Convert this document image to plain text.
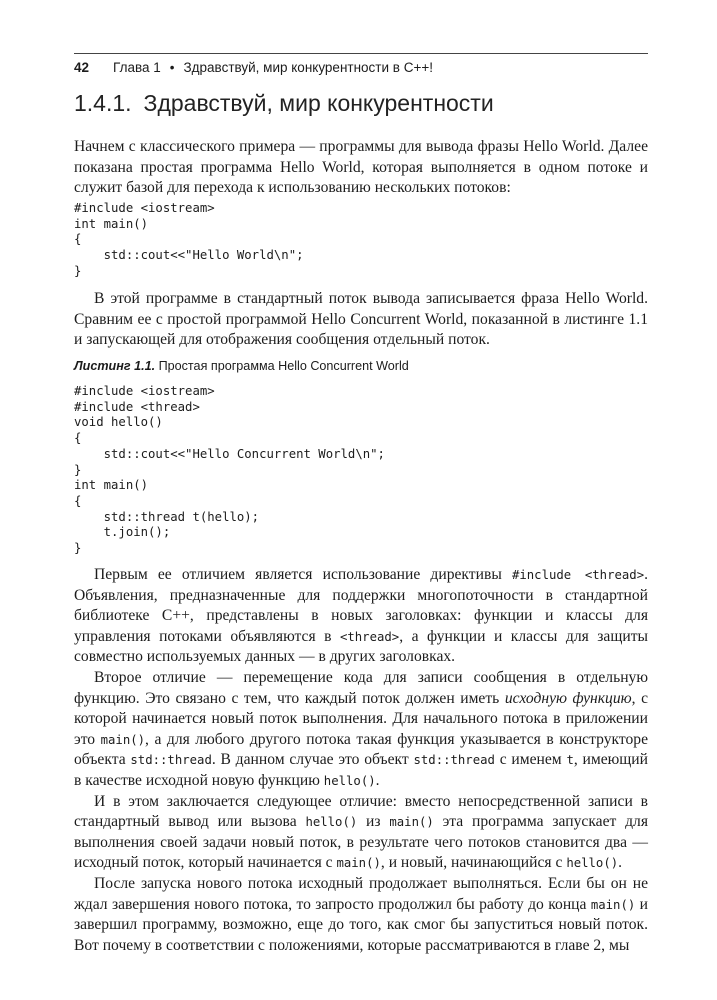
42 Глава 1 • Здравствуй, мир конкурентности в С++!
1.4.1. Здравствуй, мир конкурентности

Начнем с классического примера — программы для вывода фразы Hello World. Далее показана простая программа Hello World, которая выполняется в одном потоке и служит базой для перехода к использованию нескольких потоков:

#include <iostream>
int main()
{
std::cout<<"Hello World\n";
}

В этой программе в стандартный поток вывода записывается фраза Hello World. Сравним ее с простой программой Hello Concurrent World, показанной в листинге 1.1 и запускающей для отображения сообщения отдельный поток.

Листинг 1.1. Простая программа Hello Concurrent World
#include <iostream>
#include <thread>
void hello()
{
std::cout<<"Hello Concurrent World\n";
}
int main()
{
std::thread t(hello);
t.join();
}

Первым ее отличием является использование директивы #include <thread>. Объявления, предназначенные для поддержки многопоточности в стандартной библиотеке C++, представлены в новых заголовках: функции и классы для управления потоками объявляются в <thread>, а функции и классы для защиты совместно используемых данных — в других заголовках.

Второе отличие — перемещение кода для записи сообщения в отдельную функцию. Это связано с тем, что каждый поток должен иметь исходную функцию, с которой начинается новый поток выполнения. Для начального потока в приложении это main(), а для любого другого потока такая функция указывается в конструкторе объекта std::thread. В данном случае это объект std::thread с именем t, имеющий в качестве исходной новую функцию hello().

И в этом заключается следующее отличие: вместо непосредственной записи в стандартный вывод или вызова hello() из main() эта программа запускает для выполнения своей задачи новый поток, в результате чего потоков становится два — исходный поток, который начинается с main(), и новый, начинающийся с hello().

После запуска нового потока исходный продолжает выполняться. Если бы он не ждал завершения нового потока, то запросто продолжил бы работу до конца main() и завершил программу, возможно, еще до того, как смог бы запуститься новый поток. Вот почему в соответствии с положениями, которые рассматриваются в главе 2, мы
